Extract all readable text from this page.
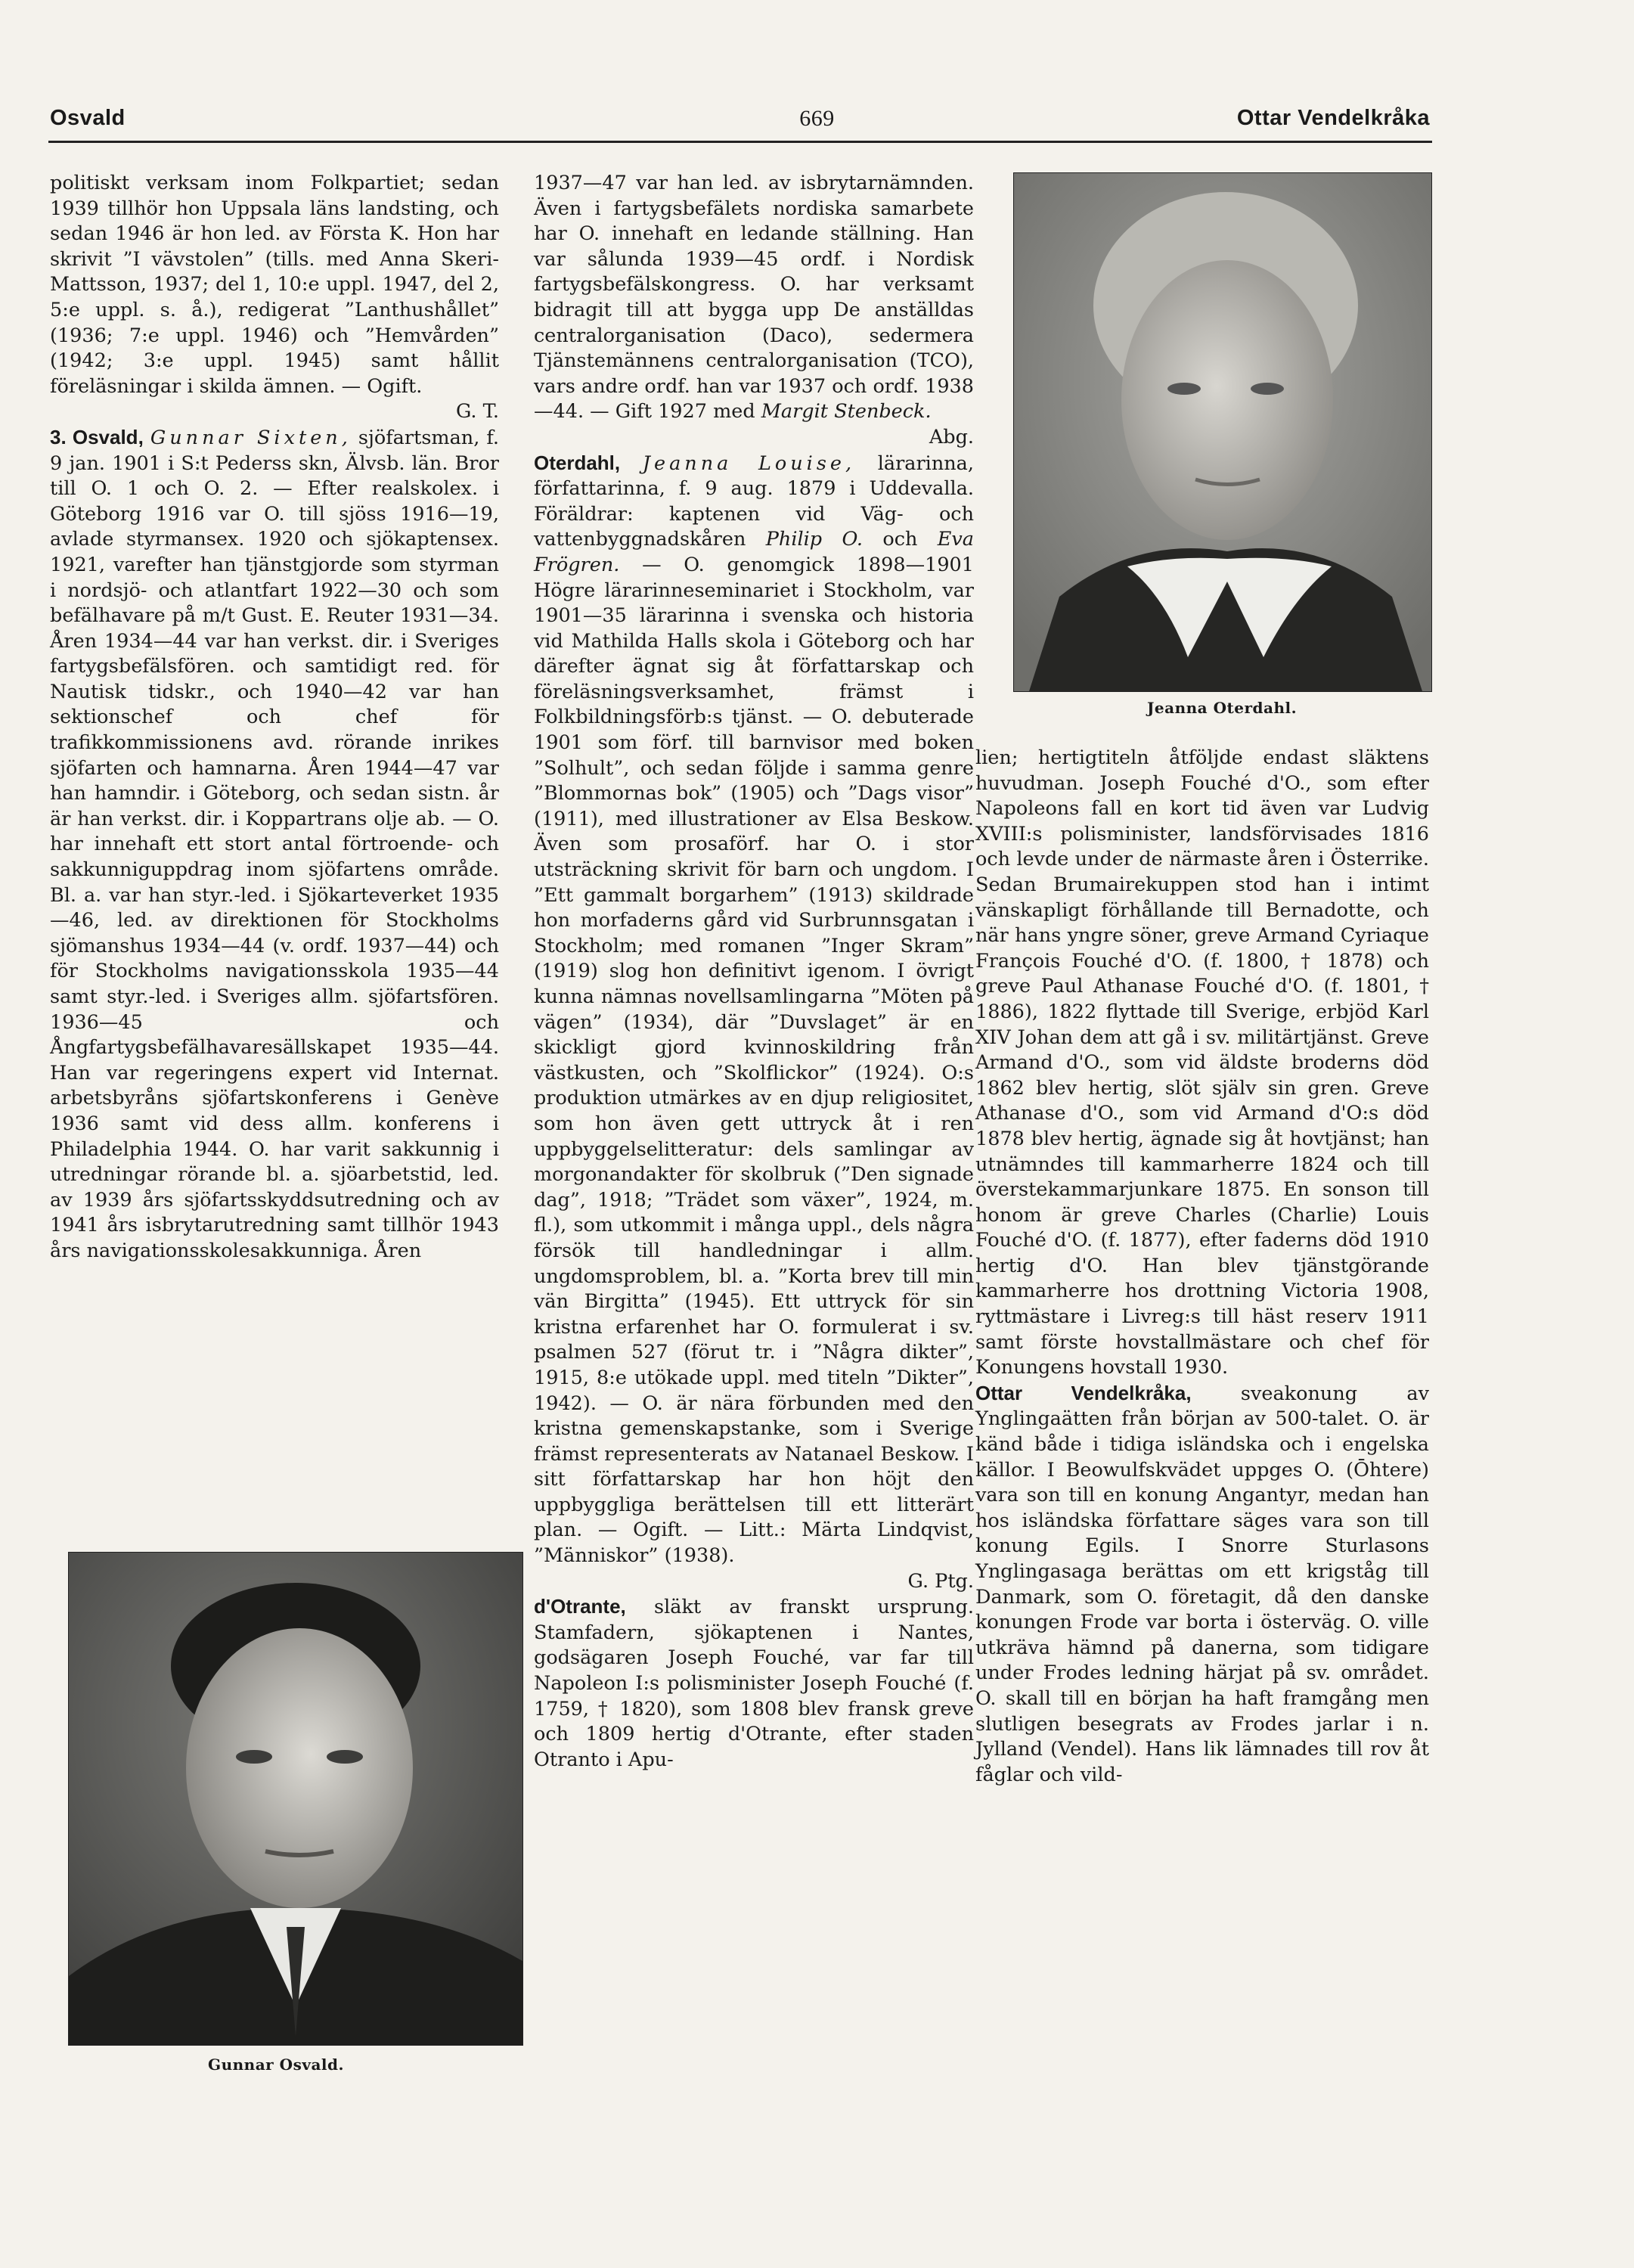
669
Osvald	Ottar Vendelkråka

politiskt verksam inom Folkpartiet; sedan 1939 tillhör hon Uppsala läns landsting, och sedan 1946 är hon led. av Första K. Hon har skrivit ”I vävstolen” (tills. med Anna Skeri-Mattsson, 1937; del 1, 10:e uppl. 1947, del 2, 5:e uppl. s. å.), redigerat ”Lanthushållet” (1936; 7:e uppl. 1946) och ”Hemvården” (1942; 3:e uppl. 1945) samt hållit föreläsningar i skilda ämnen. — Ogift.
G. T.

3. Osvald, Gunnar Sixten, sjöfartsman, f. 9 jan. 1901 i S:t Pederss skn, Älvsb. län. Bror till O. 1 och O. 2. — Efter realskolex. i Göteborg 1916 var O. till sjöss 1916—19, avlade styrmansex. 1920 och sjökaptensex. 1921, varefter han tjänstgjorde som styrman i nordsjö- och atlantfart 1922—30 och som befälhavare på m/t Gust. E. Reuter 1931—34. Åren 1934—44 var han verkst. dir. i Sveriges fartygsbefälsfören. och samtidigt red. för Nautisk tidskr., och 1940—42 var han sektionschef och chef för trafikkommissionens avd. rörande inrikes sjöfarten och hamnarna. Åren 1944—47 var han hamndir. i Göteborg, och sedan sistn. år är han verkst. dir. i Koppartrans olje ab. — O. har innehaft ett stort antal förtroende- och sakkunniguppdrag inom sjöfartens område. Bl. a. var han styr.-led. i Sjökarteverket 1935—46, led. av direktionen för Stockholms sjömanshus 1934—44 (v. ordf. 1937—44) och för Stockholms navigationsskola 1935—44 samt styr.-led. i Sveriges allm. sjöfartsfören. 1936—45 och Ångfartygsbefälhavaresällskapet 1935—44. Han var regeringens expert vid Internat. arbetsbyråns sjöfartskonferens i Genève 1936 samt vid dess allm. konferens i Philadelphia 1944. O. har varit sakkunnig i utredningar rörande bl. a. sjöarbetstid, led. av 1939 års sjöfartsskyddsutredning och av 1941 års isbrytarutredning samt tillhör 1943 års navigationsskolesakkunniga. Åren

1937—47 var han led. av isbrytarnämnden. Även i fartygsbefälets nordiska samarbete har O. innehaft en ledande ställning. Han var sålunda 1939—45 ordf. i Nordisk fartygsbefälskongress. O. har verksamt bidragit till att bygga upp De anställdas centralorganisation (Daco), sedermera Tjänstemännens centralorganisation (TCO), vars andre ordf. han var 1937 och ordf. 1938—44. — Gift 1927 med Margit Stenbeck.
Abg.

Oterdahl, Jeanna Louise, lärarinna, författarinna, f. 9 aug. 1879 i Uddevalla. Föräldrar: kaptenen vid Väg- och vattenbyggnadskåren Philip O. och Eva Frögren. — O. genomgick 1898—1901 Högre lärarinneseminariet i Stockholm, var 1901—35 lärarinna i svenska och historia vid Mathilda Halls skola i Göteborg och har därefter ägnat sig åt författarskap och föreläsningsverksamhet, främst i Folkbildningsförb:s tjänst. — O. debuterade 1901 som förf. till barnvisor med boken ”Solhult”, och sedan följde i samma genre ”Blommornas bok” (1905) och ”Dags visor” (1911), med illustrationer av Elsa Beskow. Även som prosaförf. har O. i stor utsträckning skrivit för barn och ungdom. I ”Ett gammalt borgarhem” (1913) skildrade hon morfaderns gård vid Surbrunnsgatan i Stockholm; med romanen ”Inger Skram” (1919) slog hon definitivt igenom. I övrigt kunna nämnas novellsamlingarna ”Möten på vägen” (1934), där ”Duvslaget” är en skickligt gjord kvinnoskildring från västkusten, och ”Skolflickor” (1924). O:s produktion utmärkes av en djup religiositet, som hon även gett uttryck åt i ren uppbyggelselitteratur: dels samlingar av morgonandakter för skolbruk (”Den signade dag”, 1918; ”Trädet som växer”, 1924, m. fl.), som utkommit i många uppl., dels några försök till handledningar i allm. ungdomsproblem, bl. a. ”Korta brev till min vän Birgitta” (1945). Ett uttryck för sin kristna erfarenhet har O. formulerat i sv. psalmen 527 (förut tr. i ”Några dikter”, 1915, 8:e utökade uppl. med titeln ”Dikter”, 1942). — O. är nära förbunden med den kristna gemenskapstanke, som i Sverige främst representerats av Natanael Beskow. I sitt författarskap har hon höjt den uppbyggliga berättelsen till ett litterärt plan. — Ogift. — Litt.: Märta Lindqvist, ”Människor” (1938).
G. Ptg.

d'Otrante, släkt av franskt ursprung. Stamfadern, sjökaptenen i Nantes, godsägaren Joseph Fouché, var far till Napoleon I:s polisminister Joseph Fouché (f. 1759, † 1820), som 1808 blev fransk greve och 1809 hertig d'Otrante, efter staden Otranto i Apu-

lien; hertigtiteln åtföljde endast släktens huvudman. Joseph Fouché d'O., som efter Napoleons fall en kort tid även var Ludvig XVIII:s polisminister, landsförvisades 1816 och levde under de närmaste åren i Österrike. Sedan Brumairekuppen stod han i intimt vänskapligt förhållande till Bernadotte, och när hans yngre söner, greve Armand Cyriaque François Fouché d'O. (f. 1800, † 1878) och greve Paul Athanase Fouché d'O. (f. 1801, † 1886), 1822 flyttade till Sverige, erbjöd Karl XIV Johan dem att gå i sv. militärtjänst. Greve Armand d'O., som vid äldste broderns död 1862 blev hertig, slöt själv sin gren. Greve Athanase d'O., som vid Armand d'O:s död 1878 blev hertig, ägnade sig åt hovtjänst; han utnämndes till kammarherre 1824 och till överstekammarjunkare 1875. En sonson till honom är greve Charles (Charlie) Louis Fouché d'O. (f. 1877), efter faderns död 1910 hertig d'O. Han blev tjänstgörande kammarherre hos drottning Victoria 1908, ryttmästare i Livreg:s till häst reserv 1911 samt förste hovstallmästare och chef för Konungens hovstall 1930.

Ottar Vendelkråka,	sveakonung av Ynglingaätten från början av 500-talet. O. är känd både i tidiga isländska och i engelska källor. I Beowulfskvädet uppges O. (Ōhtere) vara son till en konung Angantyr, medan han hos isländska författare säges vara son till konung Egils. I Snorre Sturlasons Ynglingasaga berättas om ett krigståg till Danmark, som O. företagit, då den danske konungen Frode var borta i österväg. O. ville utkräva hämnd på danerna, som tidigare under Frodes ledning härjat på sv. området. O. skall till en början ha haft framgång men slutligen besegrats av Frodes jarlar i n. Jylland (Vendel). Hans lik lämnades till rov åt fåglar och vild-

Jeanna Oterdahl.
Gunnar Osvald.
